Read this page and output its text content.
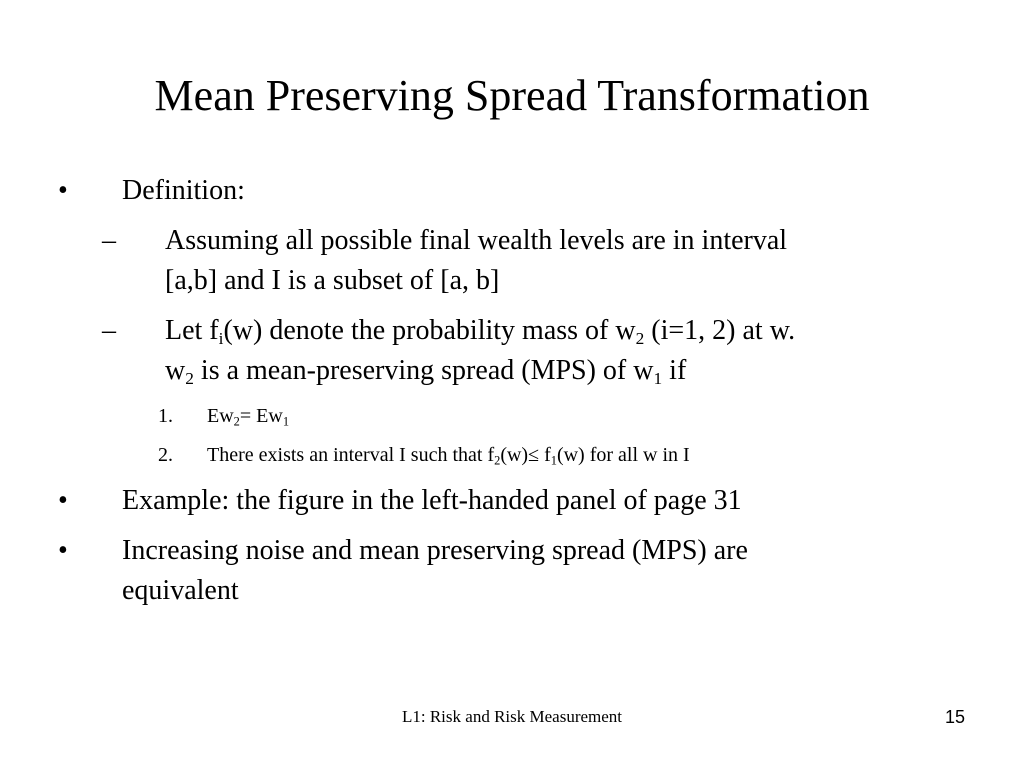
Mean Preserving Spread Transformation
• Definition:
– Assuming all possible final wealth levels are in interval
[a,b] and I is a subset of [a, b]
– Let $f_i(w)$ denote the probability mass of $w_2$ (i=1, 2) at w.
$w_2$ is a mean-preserving spread (MPS) of $w_1$ if
1. $Ew_2= Ew_1$
2. There exists an interval I such that $f_2(w)\le f_1(w)$ for all w in I
• Example: the figure in the left-handed panel of page 31
• Increasing noise and mean preserving spread (MPS) are
equivalent
L1: Risk and Risk Measurement	15
